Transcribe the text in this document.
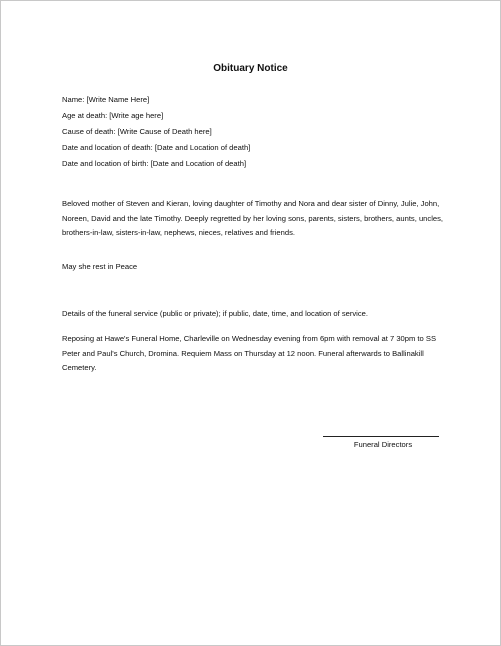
Obituary Notice
Name: [Write Name Here]
Age at death: [Write age here]
Cause of death: [Write Cause of Death here]
Date and location of death: [Date and Location of death]
Date and location of birth: [Date and Location of death]
Beloved mother of Steven and Kieran, loving daughter of Timothy and Nora and dear sister of Dinny, Julie, John, Noreen, David and the late Timothy. Deeply regretted by her loving sons, parents, sisters, brothers, aunts, uncles, brothers-in-law, sisters-in-law, nephews, nieces, relatives and friends.
May she rest in Peace
Details of the funeral service (public or private); if public, date, time, and location of service.
Reposing at Hawe's Funeral Home, Charleville on Wednesday evening from 6pm with removal at 7 30pm to SS Peter and Paul's Church, Dromina. Requiem Mass on Thursday at 12 noon. Funeral afterwards to Ballinakill Cemetery.
Funeral Directors
